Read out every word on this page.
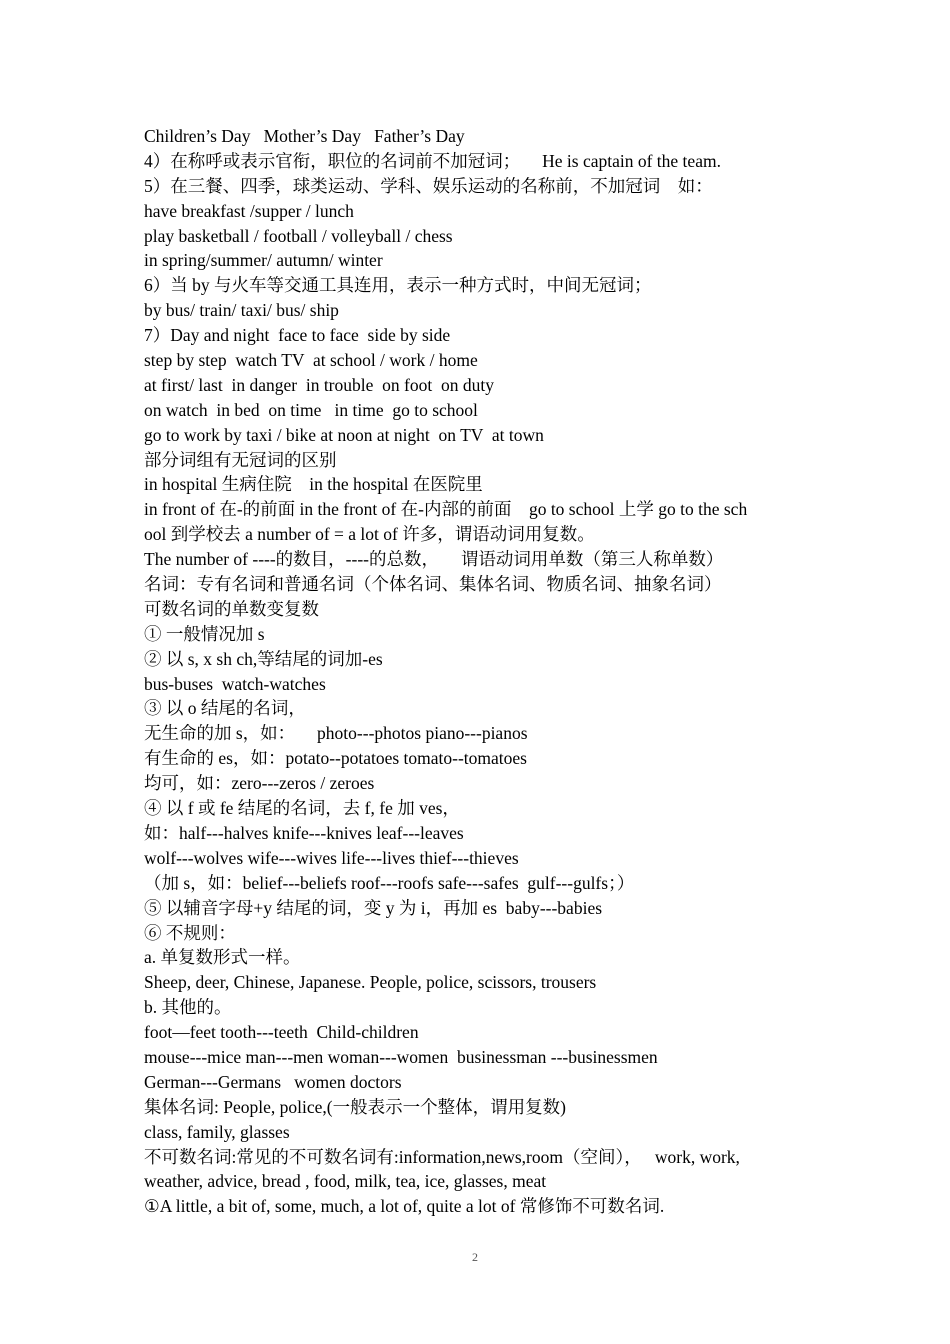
Children’s Day   Mother’s Day   Father’s Day
4）在称呼或表示官衔，职位的名词前不加冠词；     He is captain of the team.
5）在三餐、四季，球类运动、学科、娱乐运动的名称前，不加冠词    如：
have breakfast /supper / lunch
play basketball / football / volleyball / chess
in spring/summer/ autumn/ winter
6）当 by 与火车等交通工具连用，表示一种方式时，中间无冠词；
by bus/ train/ taxi/ bus/ ship
7）Day and night  face to face  side by side
step by step  watch TV  at school / work / home
at first/ last  in danger  in trouble  on foot  on duty
on watch  in bed  on time   in time  go to school
go to work by taxi / bike at noon at night  on TV  at town
部分词组有无冠词的区别
in hospital 生病住院    in the hospital 在医院里
in front of 在-的前面 in the front of 在-内部的前面    go to school 上学 go to the sch
ool 到学校去 a number of = a lot of 许多，谓语动词用复数。
The number of ----的数目，----的总数，     谓语动词用单数（第三人称单数）
名词：专有名词和普通名词（个体名词、集体名词、物质名词、抽象名词）
可数名词的单数变复数
① 一般情况加 s
② 以 s, x sh ch,等结尾的词加-es
bus-buses  watch-watches
③ 以 o 结尾的名词，
无生命的加 s，如：     photo---photos piano---pianos
有生命的 es，如：potato--potatoes tomato--tomatoes
均可，如：zero---zeros / zeroes
④ 以 f 或 fe 结尾的名词，去 f, fe 加 ves，
如：half---halves knife---knives leaf---leaves
wolf---wolves wife---wives life---lives thief---thieves
（加 s，如：belief---beliefs roof---roofs safe---safes  gulf---gulfs；）
⑤ 以辅音字母+y 结尾的词，变 y 为 i，再加 es  baby---babies
⑥ 不规则：
a. 单复数形式一样。
Sheep, deer, Chinese, Japanese. People, police, scissors, trousers
b. 其他的。
foot—feet tooth---teeth  Child-children
mouse---mice man---men woman---women  businessman ---businessmen
German---Germans   women doctors
集体名词: People, police,(一般表示一个整体，谓用复数)
class, family, glasses
不可数名词:常见的不可数名词有:information,news,room（空间），   work, work,
weather, advice, bread , food, milk, tea, ice, glasses, meat
①A little, a bit of, some, much, a lot of, quite a lot of 常修饰不可数名词.
2
